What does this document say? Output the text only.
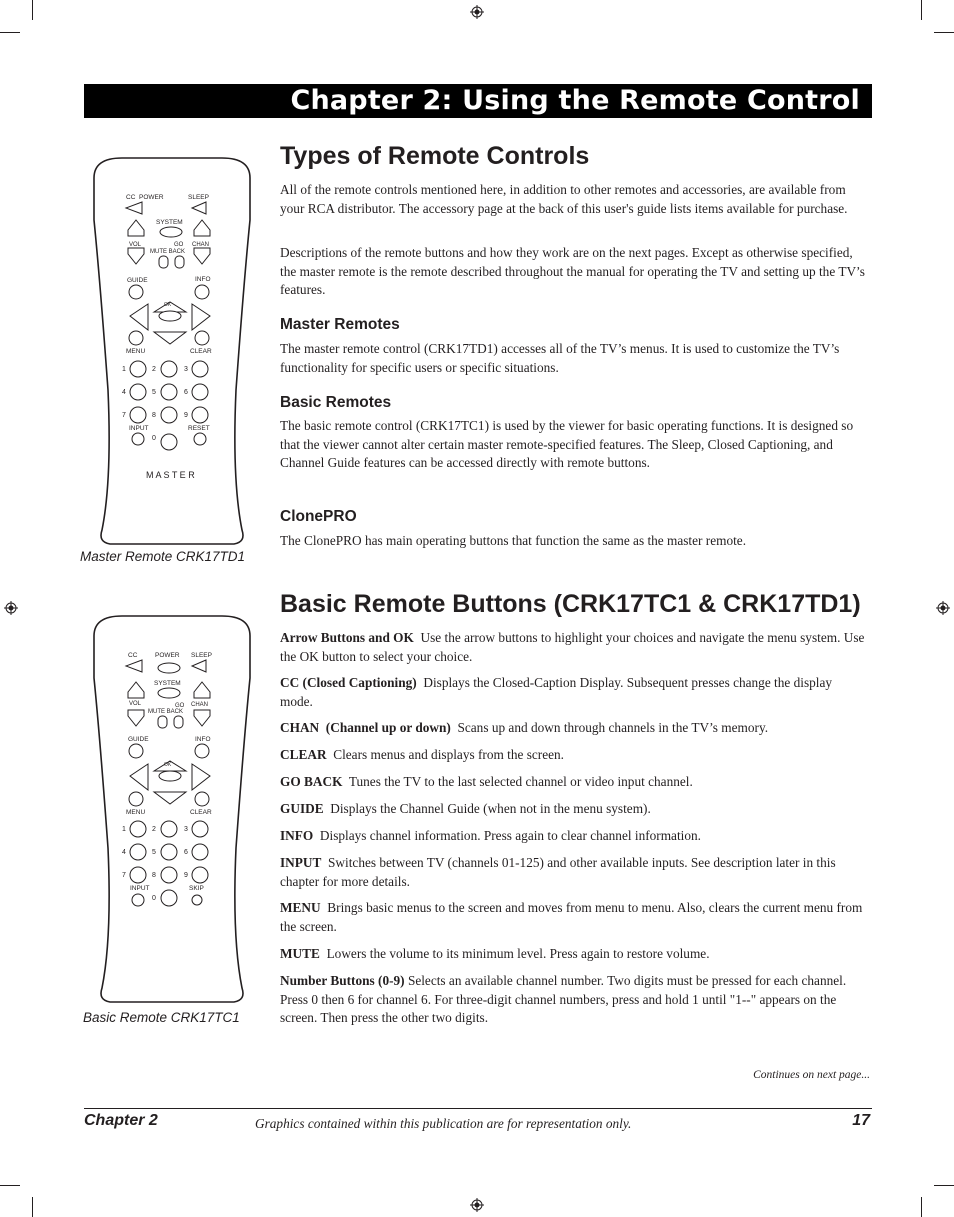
Chapter 2: Using the Remote Control
CC POWER	SLEEP
SYSTEM
VOL	GO CHAN
MUTE BACK
GUIDE	INFO
OK
MENU	CLEAR
1	2	3
4	5	6
7	8	9
INPUT	RESET
0
M A S T E R
Master Remote CRK17TD1
CC	POWER SLEEP
SYSTEM
VOL	GO CHAN
MUTE BACK
GUIDE	INFO
OK
MENU	CLEAR
1	2	3
4	5	6
7	8	9
INPUT	SKIP
0
Basic Remote CRK17TC1
Types of Remote Controls

All of the remote controls mentioned here, in addition to other remotes and accessories, are available from your RCA distributor. The accessory page at the back of this user's guide lists items available for purchase.

Descriptions of the remote buttons and how they work are on the next pages. Except as otherwise specified, the master remote is the remote described throughout the manual for operating the TV and setting up the TV’s features.

Master Remotes

The master remote control (CRK17TD1) accesses all of the TV’s menus. It is used to customize the TV’s functionality for specific users or specific situations.

Basic Remotes

The basic remote control (CRK17TC1) is used by the viewer for basic operating functions. It is designed so that the viewer cannot alter certain master remote-specified features. The Sleep, Closed Captioning, and Channel Guide features can be accessed directly with remote buttons.

ClonePRO

The ClonePRO has main operating buttons that function the same as the master remote.

Basic Remote Buttons (CRK17TC1 & CRK17TD1)

Arrow Buttons and OK Use the arrow buttons to highlight your choices and navigate the menu system. Use the OK button to select your choice.

CC (Closed Captioning) Displays the Closed-Caption Display. Subsequent presses change the display mode.

CHAN  (Channel up or down) Scans up and down through channels in the TV’s memory.

CLEAR Clears menus and displays from the screen.

GO BACK Tunes the TV to the last selected channel or video input channel.

GUIDE Displays the Channel Guide (when not in the menu system).

INFO Displays channel information. Press again to clear channel information.

INPUT Switches between TV (channels 01-125) and other available inputs. See description later in this chapter for more details.

MENU Brings basic menus to the screen and moves from menu to menu. Also, clears the current menu from the screen.

MUTE Lowers the volume to its minimum level. Press again to restore volume.

Number Buttons (0-9) Selects an available channel number. Two digits must be pressed for each channel. Press 0 then 6 for channel 6. For three-digit channel numbers, press and hold 1 until "1--" appears on the screen. Then press the other two digits.

Continues on next page...
Chapter 2	Graphics contained within this publication are for representation only.	17
